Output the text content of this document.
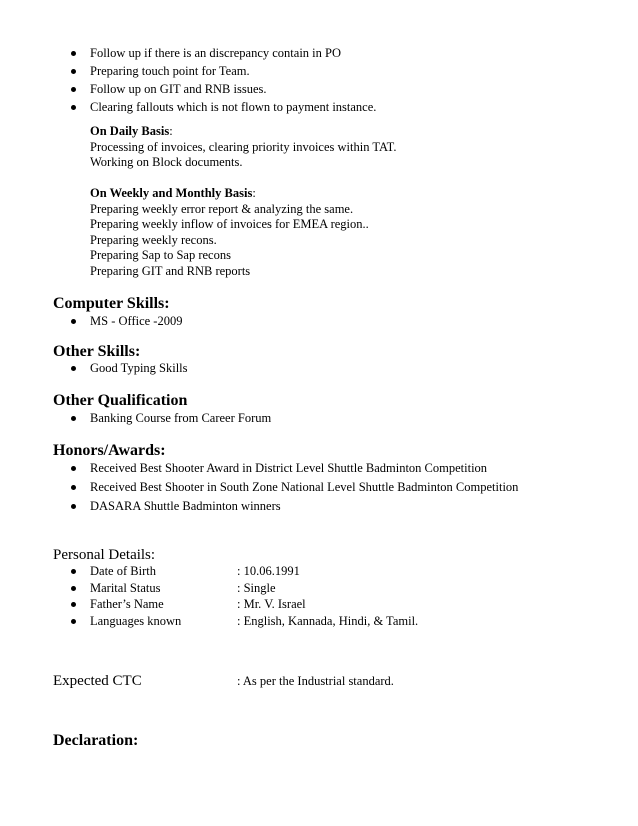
Follow up if there is an discrepancy contain in PO
Preparing touch point for Team.
Follow up on GIT and RNB issues.
Clearing fallouts which is not flown to payment instance.
On Daily Basis:
Processing of invoices, clearing priority invoices within TAT.
Working on Block documents.
On Weekly and Monthly Basis:
Preparing weekly error report & analyzing the same.
Preparing weekly inflow of invoices for EMEA region..
Preparing weekly recons.
Preparing Sap to Sap recons
Preparing GIT and RNB reports
Computer Skills:
MS - Office -2009
Other Skills:
Good Typing Skills
Other Qualification
Banking Course from Career Forum
Honors/Awards:
Received Best Shooter Award in District Level Shuttle Badminton Competition
Received Best Shooter in South Zone National Level Shuttle Badminton Competition
DASARA Shuttle Badminton winners
Personal Details:
Date of Birth	: 10.06.1991
Marital Status	: Single
Father’s Name	: Mr. V. Israel
Languages known	: English, Kannada, Hindi, & Tamil.
Expected CTC	: As per the Industrial standard.
Declaration:
